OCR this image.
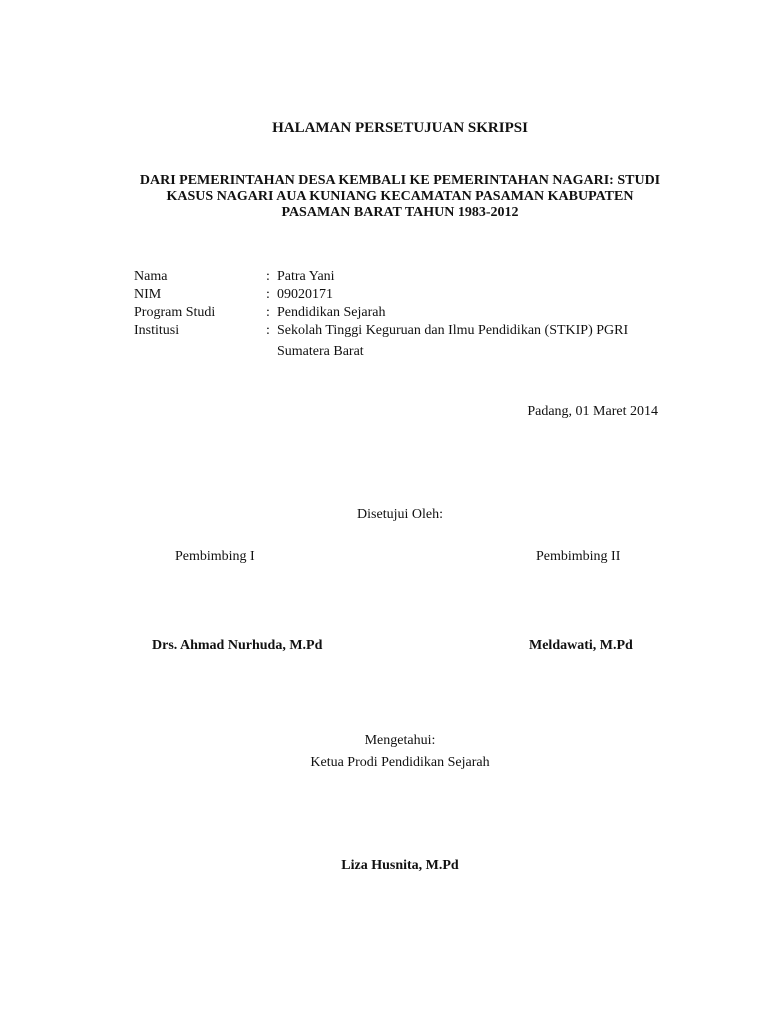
HALAMAN PERSETUJUAN SKRIPSI
DARI PEMERINTAHAN DESA KEMBALI KE PEMERINTAHAN NAGARI: STUDI
KASUS NAGARI AUA KUNIANG KECAMATAN PASAMAN KABUPATEN
PASAMAN BARAT TAHUN 1983-2012
Nama	: Patra Yani
NIM	: 09020171
Program Studi	: Pendidikan Sejarah
Institusi	: Sekolah Tinggi Keguruan dan Ilmu Pendidikan (STKIP) PGRI
Sumatera Barat
Padang, 01 Maret 2014
Disetujui Oleh:
Pembimbing I	Pembimbing II
Drs. Ahmad Nurhuda, M.Pd	Meldawati, M.Pd
Mengetahui:
Ketua Prodi Pendidikan Sejarah
Liza Husnita, M.Pd
